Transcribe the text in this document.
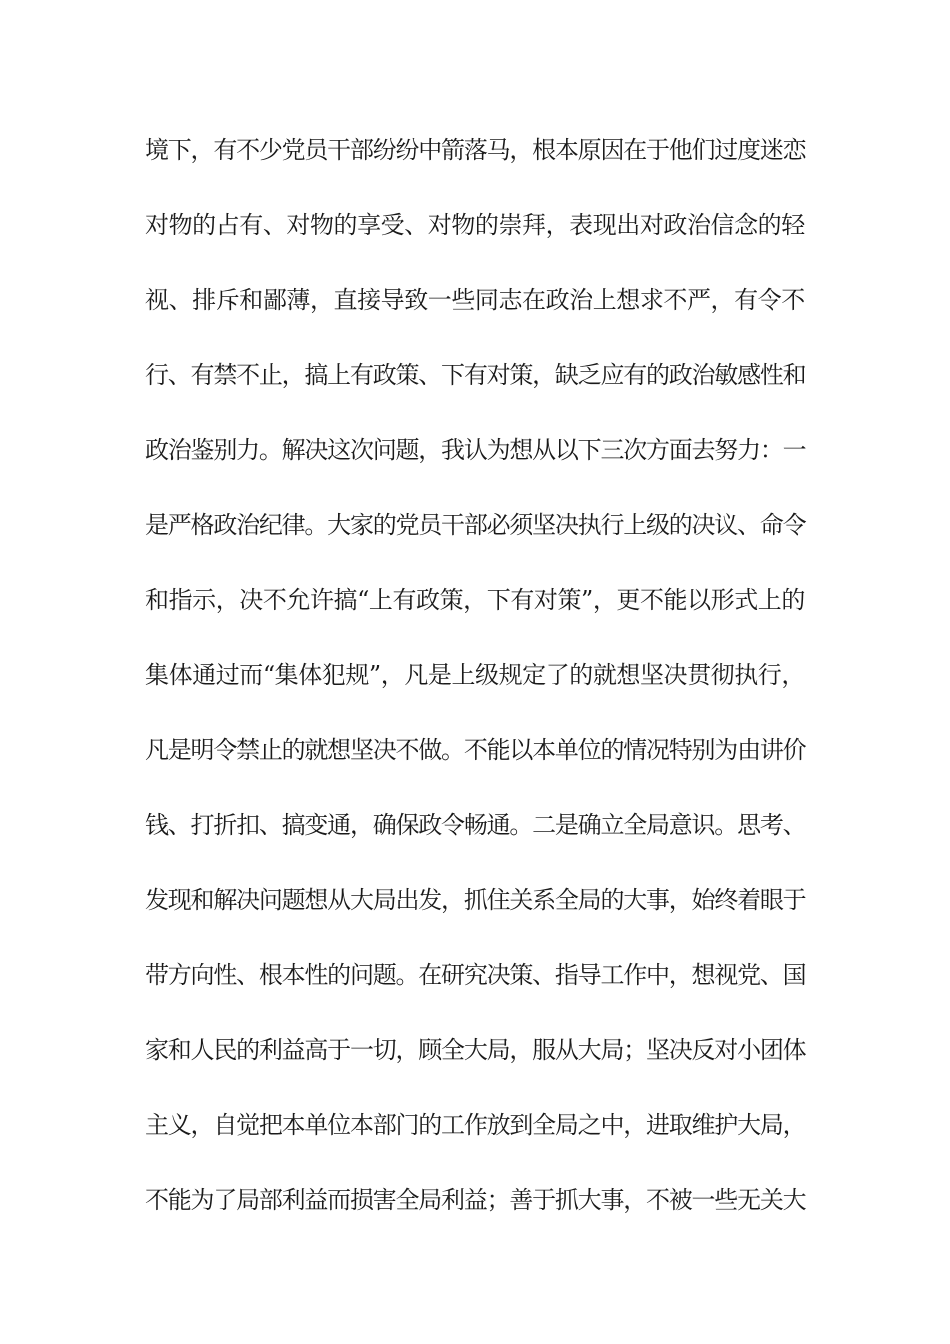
境下，有不少党员干部纷纷中箭落马，根本原因在于他们过度迷恋
对物的占有、对物的享受、对物的崇拜，表现出对政治信念的轻
视、排斥和鄙薄，直接导致一些同志在政治上想求不严，有令不
行、有禁不止，搞上有政策、下有对策，缺乏应有的政治敏感性和
政治鉴别力。解决这次问题，我认为想从以下三次方面去努力：一
是严格政治纪律。大家的党员干部必须坚决执行上级的决议、命令
和指示，决不允许搞“上有政策，下有对策”，更不能以形式上的
集体通过而“集体犯规”，凡是上级规定了的就想坚决贯彻执行，
凡是明令禁止的就想坚决不做。不能以本单位的情况特别为由讲价
钱、打折扣、搞变通，确保政令畅通。二是确立全局意识。思考、
发现和解决问题想从大局出发，抓住关系全局的大事，始终着眼于
带方向性、根本性的问题。在研究决策、指导工作中，想视党、国
家和人民的利益高于一切，顾全大局，服从大局；坚决反对小团体
主义，自觉把本单位本部门的工作放到全局之中，进取维护大局，
不能为了局部利益而损害全局利益；善于抓大事，不被一些无关大
